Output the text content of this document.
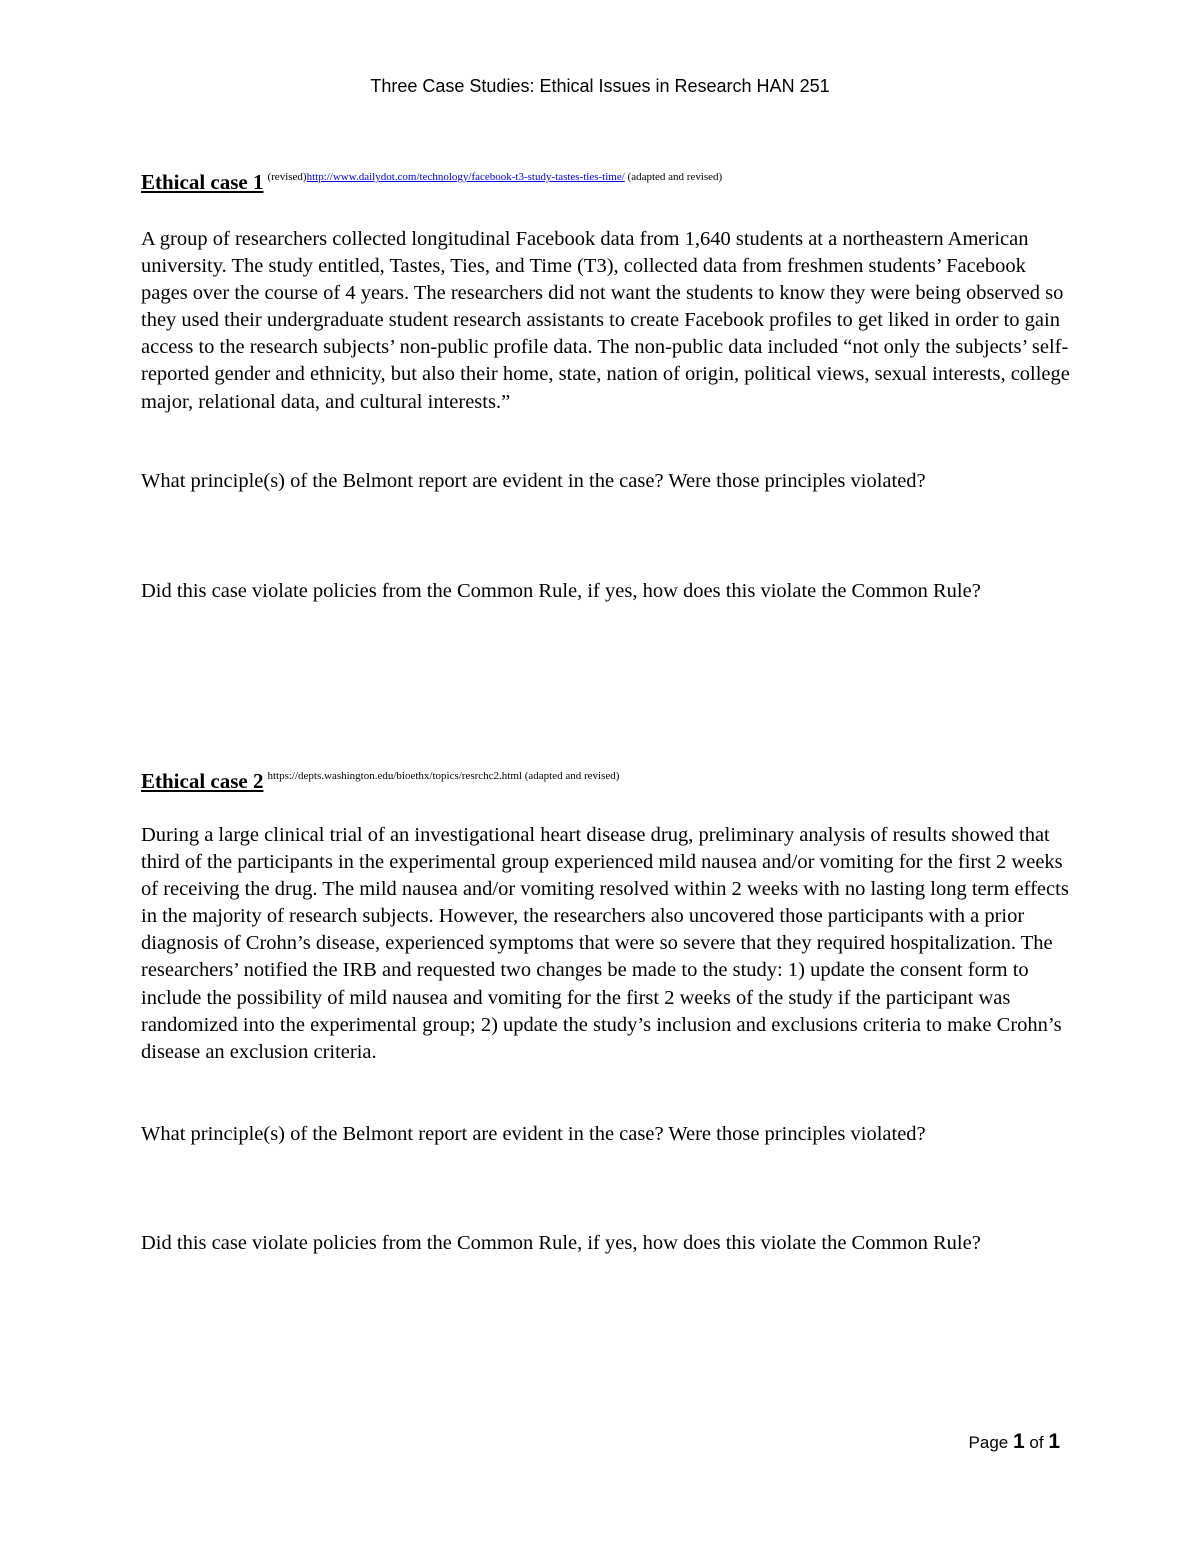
Three Case Studies: Ethical Issues in Research HAN 251
Ethical case 1 $^{(revised)http://www.dailydot.com/technology/facebook-t3-study-tastes-ties-time/ (adapted and revised)}$

A group of researchers collected longitudinal Facebook data from 1,640 students at a northeastern American university. The study entitled, Tastes, Ties, and Time (T3), collected data from freshmen students’ Facebook pages over the course of 4 years. The researchers did not want the students to know they were being observed so they used their undergraduate student research assistants to create Facebook profiles to get liked in order to gain access to the research subjects’ non-public profile data. The non-public data included “not only the subjects’ self-reported gender and ethnicity, but also their home, state, nation of origin, political views, sexual interests, college major, relational data, and cultural interests.”

What principle(s) of the Belmont report are evident in the case? Were those principles violated?

Did this case violate policies from the Common Rule, if yes, how does this violate the Common Rule?

Ethical case 2 $^{https://depts.washington.edu/bioethx/topics/resrchc2.html (adapted and revised)}$

During a large clinical trial of an investigational heart disease drug, preliminary analysis of results showed that third of the participants in the experimental group experienced mild nausea and/or vomiting for the first 2 weeks of receiving the drug. The mild nausea and/or vomiting resolved within 2 weeks with no lasting long term effects in the majority of research subjects. However, the researchers also uncovered those participants with a prior diagnosis of Crohn’s disease, experienced symptoms that were so severe that they required hospitalization. The researchers’ notified the IRB and requested two changes be made to the study: 1) update the consent form to include the possibility of mild nausea and vomiting for the first 2 weeks of the study if the participant was randomized into the experimental group; 2) update the study’s inclusion and exclusions criteria to make Crohn’s disease an exclusion criteria.

What principle(s) of the Belmont report are evident in the case? Were those principles violated?

Did this case violate policies from the Common Rule, if yes, how does this violate the Common Rule?

Page 1 of 1
